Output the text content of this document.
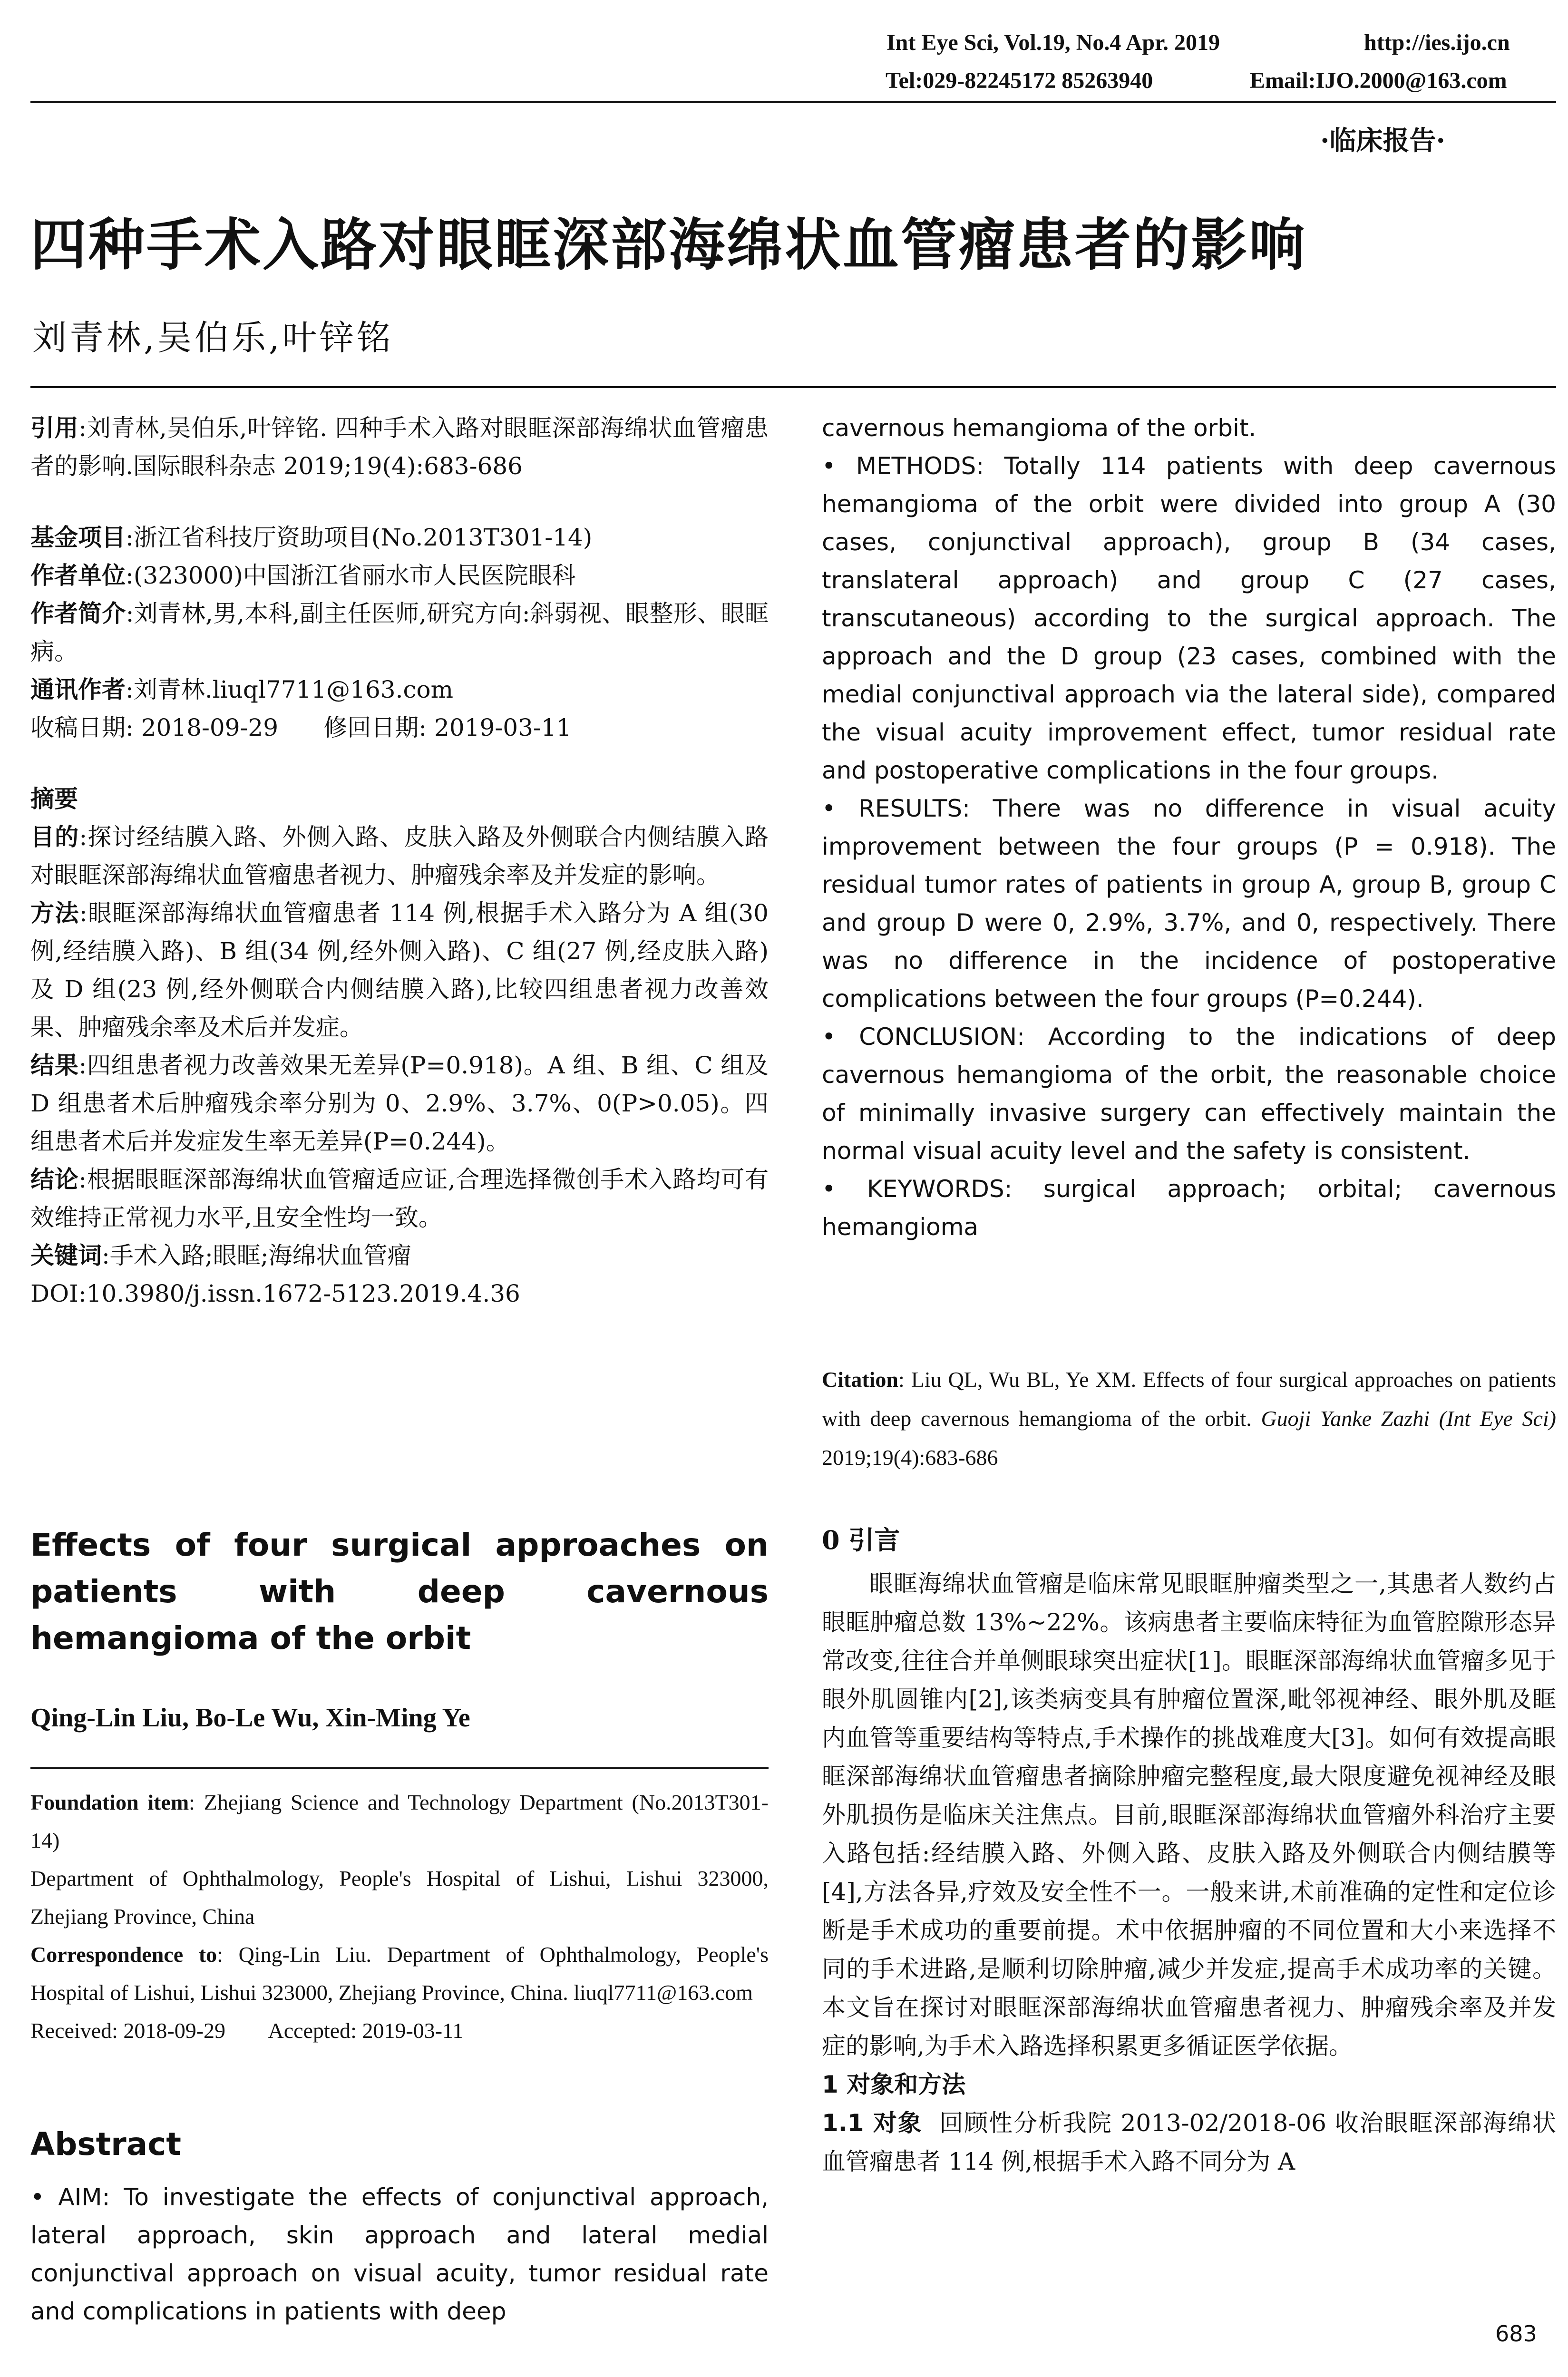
Int Eye Sci, Vol.19, No.4 Apr. 2019	http://ies.ijo.cn
Tel:029-82245172 85263940	Email:IJO.2000@163.com
·临床报告·
四种手术入路对眼眶深部海绵状血管瘤患者的影响
刘青林,吴伯乐,叶锌铭

引用:刘青林,吴伯乐,叶锌铭. 四种手术入路对眼眶深部海绵状血管瘤患者的影响.国际眼科杂志 2019;19(4):683-686

基金项目:浙江省科技厅资助项目(No.2013T301-14)

作者单位:(323000)中国浙江省丽水市人民医院眼科

作者简介:刘青林,男,本科,副主任医师,研究方向:斜弱视、眼整形、眼眶病。

通讯作者:刘青林.liuql7711@163.com

收稿日期: 2018-09-29      修回日期: 2019-03-11

摘要

目的:探讨经结膜入路、外侧入路、皮肤入路及外侧联合内侧结膜入路对眼眶深部海绵状血管瘤患者视力、肿瘤残余率及并发症的影响。

方法:眼眶深部海绵状血管瘤患者 114 例,根据手术入路分为 A 组(30 例,经结膜入路)、B 组(34 例,经外侧入路)、C 组(27 例,经皮肤入路)及 D 组(23 例,经外侧联合内侧结膜入路),比较四组患者视力改善效果、肿瘤残余率及术后并发症。

结果:四组患者视力改善效果无差异(P=0.918)。A 组、B 组、C 组及 D 组患者术后肿瘤残余率分别为 0、2.9%、3.7%、0(P>0.05)。四组患者术后并发症发生率无差异(P=0.244)。

结论:根据眼眶深部海绵状血管瘤适应证,合理选择微创手术入路均可有效维持正常视力水平,且安全性均一致。

关键词:手术入路;眼眶;海绵状血管瘤

DOI:10.3980/j.issn.1672-5123.2019.4.36

Effects of four surgical approaches on patients with deep cavernous hemangioma of the orbit
Qing-Lin Liu, Bo-Le Wu, Xin-Ming Ye

Foundation item: Zhejiang Science and Technology Department (No.2013T301-14)

Department of Ophthalmology, People's Hospital of Lishui, Lishui 323000, Zhejiang Province, China

Correspondence to: Qing-Lin Liu. Department of Ophthalmology, People's Hospital of Lishui, Lishui 323000, Zhejiang Province, China. liuql7711@163.com

Received: 2018-09-29        Accepted: 2019-03-11

Abstract

• AIM: To investigate the effects of conjunctival approach, lateral approach, skin approach and lateral medial conjunctival approach on visual acuity, tumor residual rate and complications in patients with deep

cavernous hemangioma of the orbit.

• METHODS: Totally 114 patients with deep cavernous hemangioma of the orbit were divided into group A (30 cases, conjunctival approach), group B (34 cases, translateral approach) and group C (27 cases, transcutaneous) according to the surgical approach. The approach and the D group (23 cases, combined with the medial conjunctival approach via the lateral side), compared the visual acuity improvement effect, tumor residual rate and postoperative complications in the four groups.

• RESULTS: There was no difference in visual acuity improvement between the four groups (P = 0.918). The residual tumor rates of patients in group A, group B, group C and group D were 0, 2.9%, 3.7%, and 0, respectively. There was no difference in the incidence of postoperative complications between the four groups (P=0.244).

• CONCLUSION: According to the indications of deep cavernous hemangioma of the orbit, the reasonable choice of minimally invasive surgery can effectively maintain the normal visual acuity level and the safety is consistent.

• KEYWORDS: surgical approach; orbital; cavernous hemangioma

Citation: Liu QL, Wu BL, Ye XM. Effects of four surgical approaches on patients with deep cavernous hemangioma of the orbit. Guoji Yanke Zazhi (Int Eye Sci) 2019;19(4):683-686

0 引言

眼眶海绵状血管瘤是临床常见眼眶肿瘤类型之一,其患者人数约占眼眶肿瘤总数 13%~22%。该病患者主要临床特征为血管腔隙形态异常改变,往往合并单侧眼球突出症状[1]。眼眶深部海绵状血管瘤多见于眼外肌圆锥内[2],该类病变具有肿瘤位置深,毗邻视神经、眼外肌及眶内血管等重要结构等特点,手术操作的挑战难度大[3]。如何有效提高眼眶深部海绵状血管瘤患者摘除肿瘤完整程度,最大限度避免视神经及眼外肌损伤是临床关注焦点。目前,眼眶深部海绵状血管瘤外科治疗主要入路包括:经结膜入路、外侧入路、皮肤入路及外侧联合内侧结膜等[4],方法各异,疗效及安全性不一。一般来讲,术前准确的定性和定位诊断是手术成功的重要前提。术中依据肿瘤的不同位置和大小来选择不同的手术进路,是顺利切除肿瘤,减少并发症,提高手术成功率的关键。本文旨在探讨对眼眶深部海绵状血管瘤患者视力、肿瘤残余率及并发症的影响,为手术入路选择积累更多循证医学依据。

1 对象和方法

1.1 对象  回顾性分析我院 2013-02/2018-06 收治眼眶深部海绵状血管瘤患者 114 例,根据手术入路不同分为 A

683
